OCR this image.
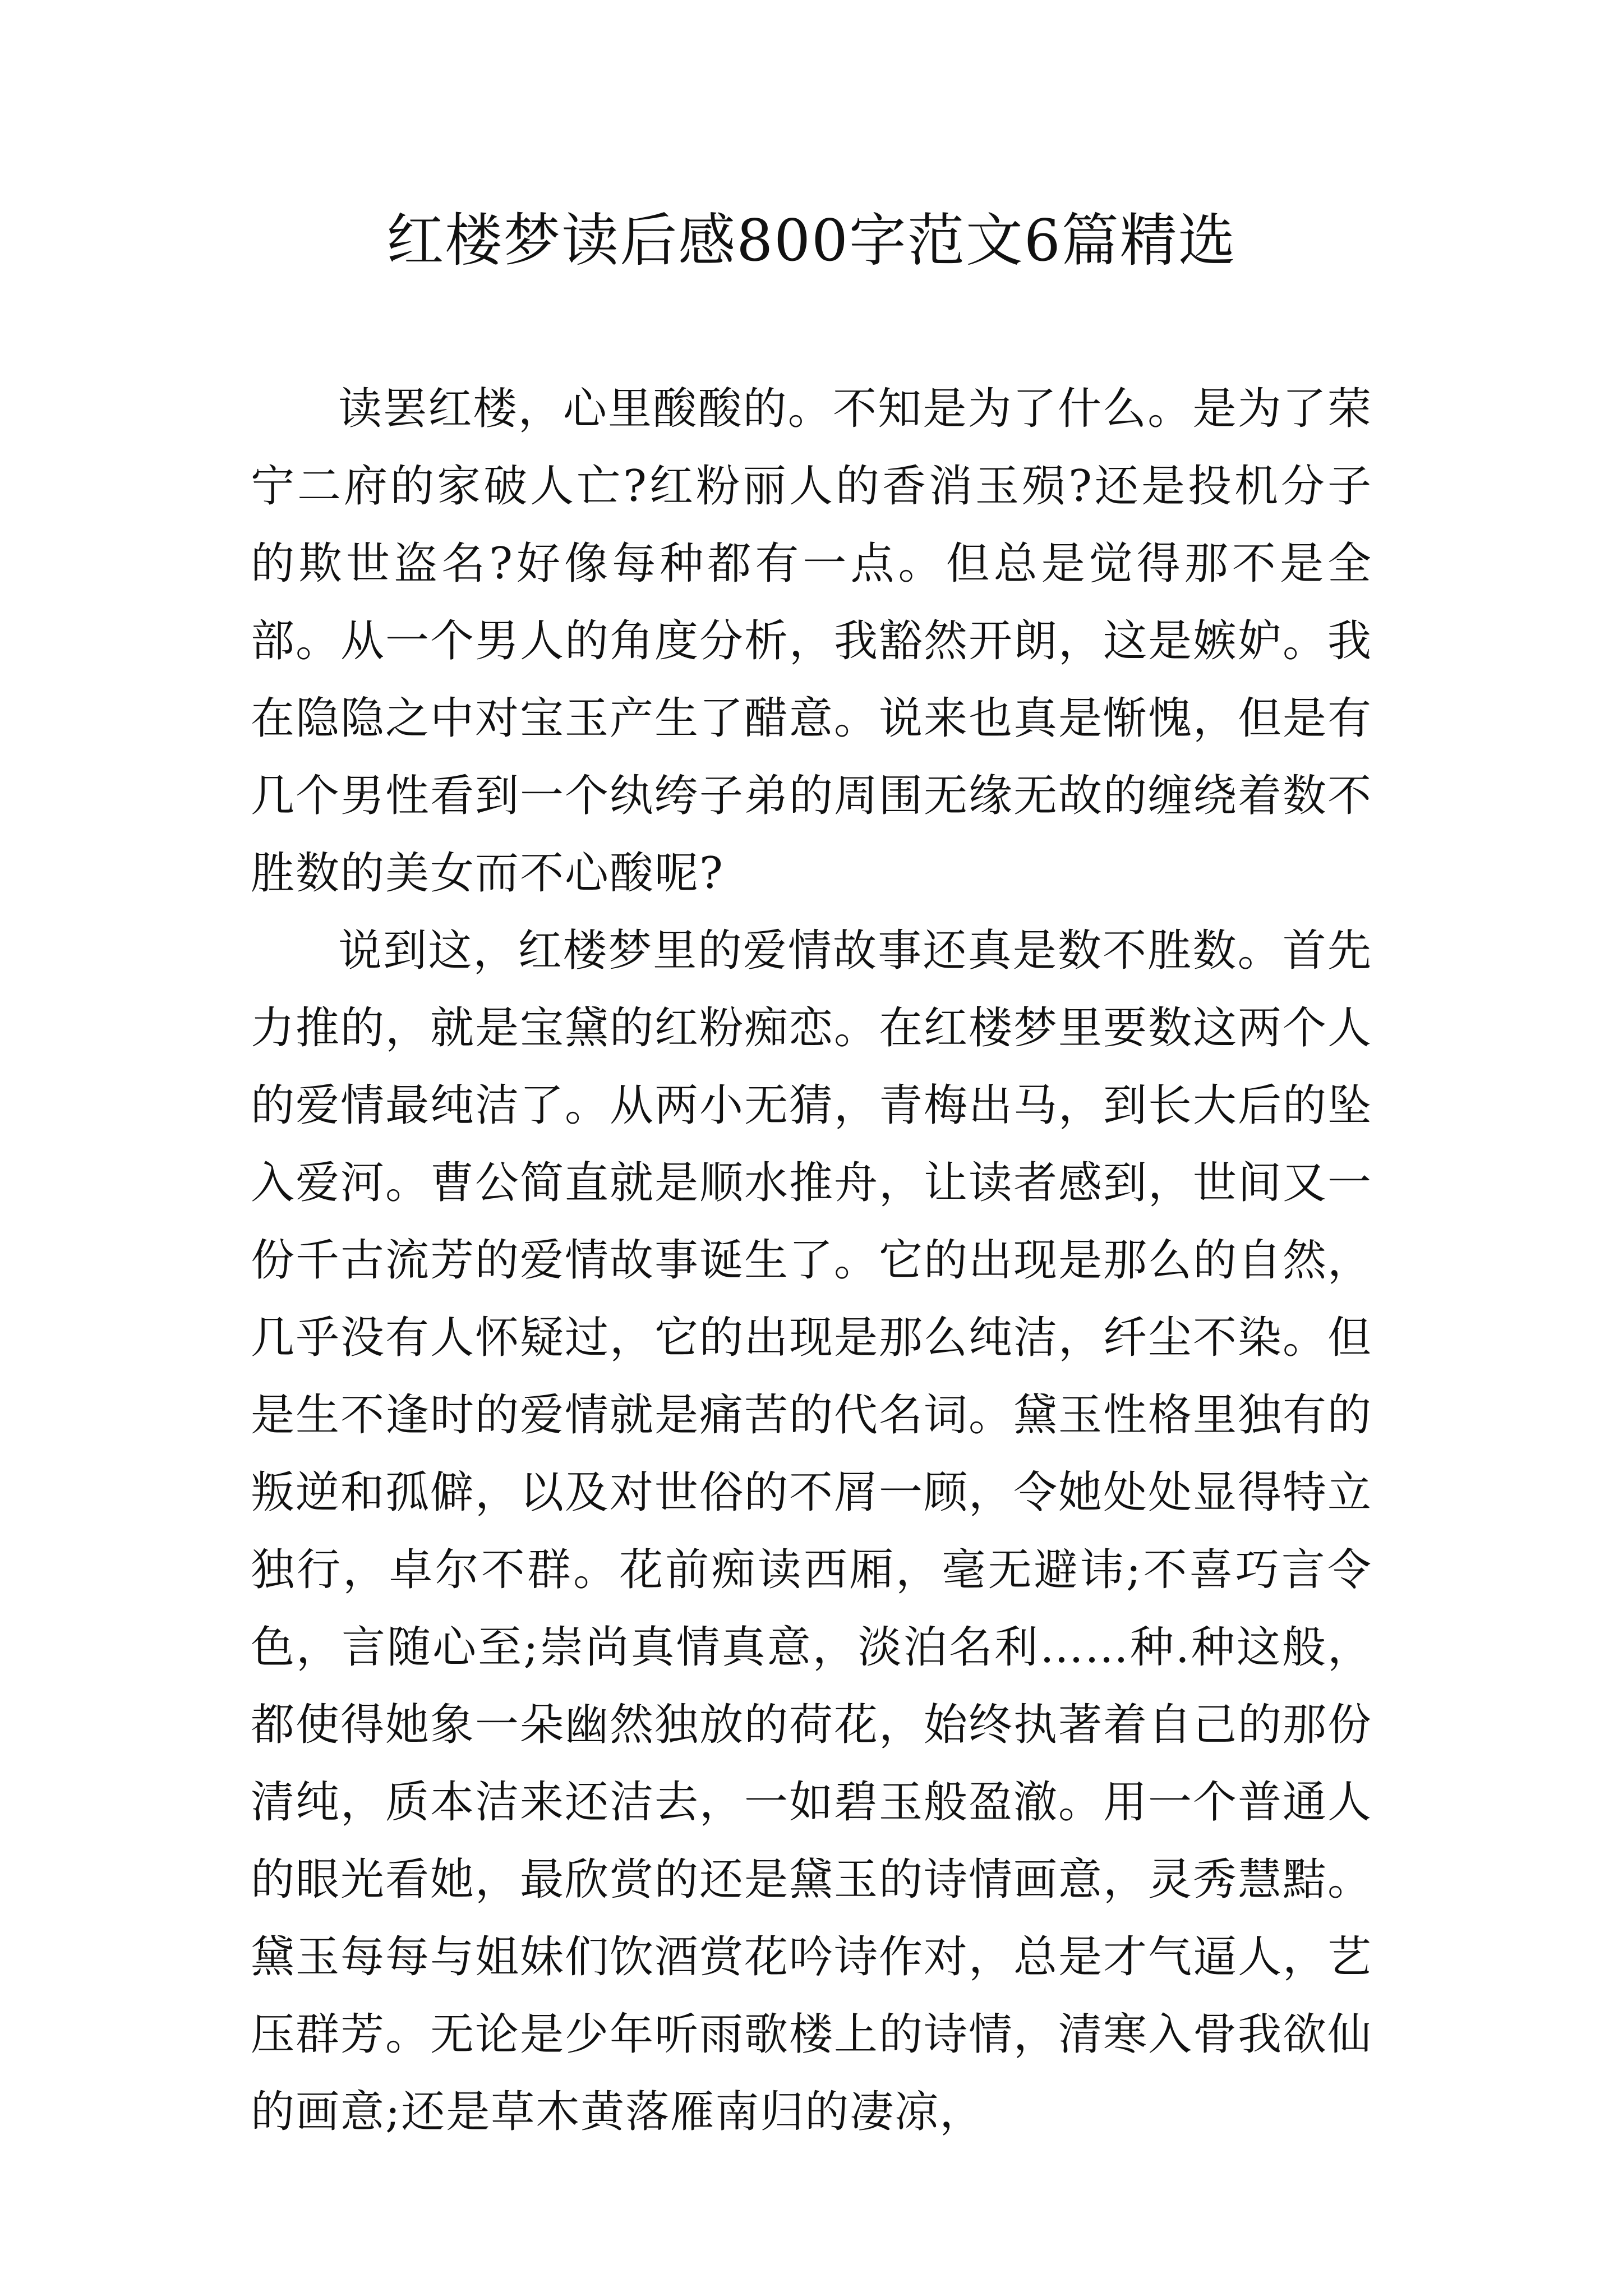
红楼梦读后感800字范文6篇精选

读罢红楼，心里酸酸的。不知是为了什么。是为了荣宁二府的家破人亡?红粉丽人的香消玉殒?还是投机分子的欺世盗名?好像每种都有一点。但总是觉得那不是全部。从一个男人的角度分析，我豁然开朗，这是嫉妒。我在隐隐之中对宝玉产生了醋意。说来也真是惭愧，但是有几个男性看到一个纨绔子弟的周围无缘无故的缠绕着数不胜数的美女而不心酸呢?

说到这，红楼梦里的爱情故事还真是数不胜数。首先力推的，就是宝黛的红粉痴恋。在红楼梦里要数这两个人的爱情最纯洁了。从两小无猜，青梅出马，到长大后的坠入爱河。曹公简直就是顺水推舟，让读者感到，世间又一份千古流芳的爱情故事诞生了。它的出现是那么的自然，几乎没有人怀疑过，它的出现是那么纯洁，纤尘不染。但是生不逢时的爱情就是痛苦的代名词。黛玉性格里独有的叛逆和孤僻，以及对世俗的不屑一顾，令她处处显得特立独行，卓尔不群。花前痴读西厢，毫无避讳;不喜巧言令色，言随心至;崇尚真情真意，淡泊名利……种.种这般，都使得她象一朵幽然独放的荷花，始终执著着自己的那份清纯，质本洁来还洁去，一如碧玉般盈澈。用一个普通人的眼光看她，最欣赏的还是黛玉的诗情画意，灵秀慧黠。黛玉每每与姐妹们饮酒赏花吟诗作对，总是才气逼人，艺压群芳。无论是少年听雨歌楼上的诗情，清寒入骨我欲仙的画意;还是草木黄落雁南归的凄凉，
